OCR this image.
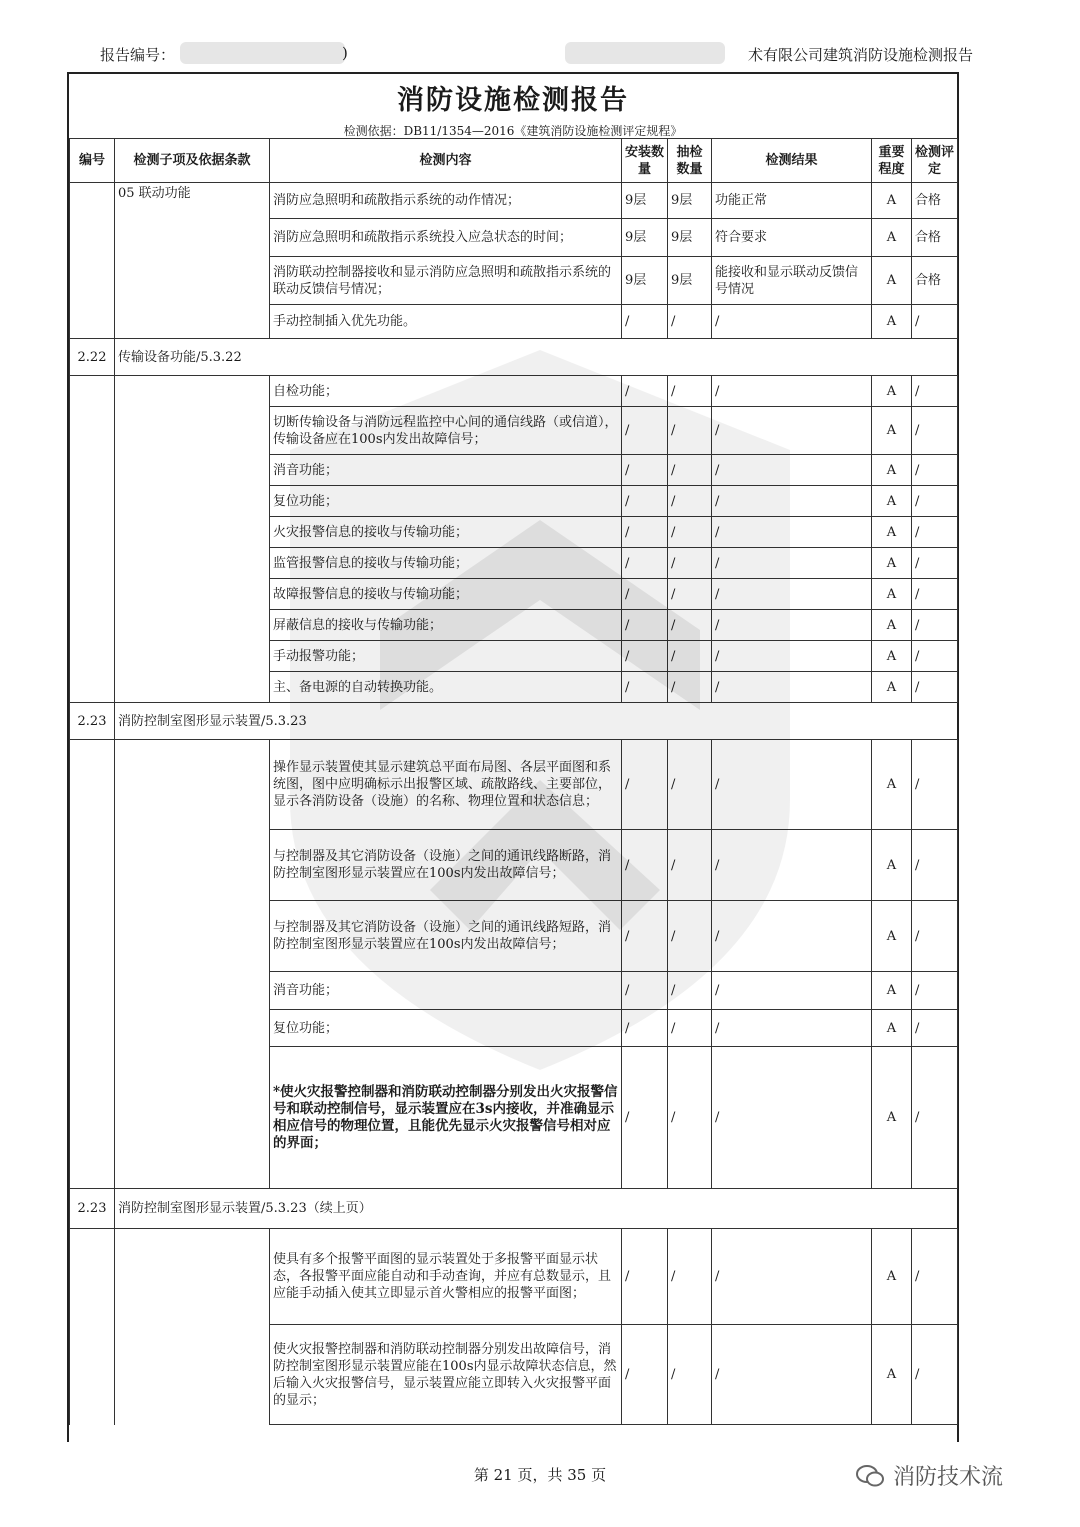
报告编号：	)	术有限公司建筑消防设施检测报告
消防设施检测报告
检测依据：DB11/1354—2016《建筑消防设施检测评定规程》
编号	检测子项及依据条款	检测内容	安装数量	抽检数量	检测结果	重要程度	检测评定
	05 联动功能	消防应急照明和疏散指示系统的动作情况；	9层	9层	功能正常	A	合格
		消防应急照明和疏散指示系统投入应急状态的时间；	9层	9层	符合要求	A	合格
		消防联动控制器接收和显示消防应急照明和疏散指示系统的联动反馈信号情况；	9层	9层	能接收和显示联动反馈信号情况	A	合格
		手动控制插入优先功能。	/	/	/	A	/
2.22	传输设备功能/5.3.22						
		自检功能；	/	/	/	A	/
		切断传输设备与消防远程监控中心间的通信线路（或信道），传输设备应在100s内发出故障信号；	/	/	/	A	/
		消音功能；	/	/	/	A	/
		复位功能；	/	/	/	A	/
		火灾报警信息的接收与传输功能；	/	/	/	A	/
		监管报警信息的接收与传输功能；	/	/	/	A	/
		故障报警信息的接收与传输功能；	/	/	/	A	/
		屏蔽信息的接收与传输功能；	/	/	/	A	/
		手动报警功能；	/	/	/	A	/
		主、备电源的自动转换功能。	/	/	/	A	/
2.23	消防控制室图形显示装置/5.3.23						
		操作显示装置使其显示建筑总平面布局图、各层平面图和系统图，图中应明确标示出报警区域、疏散路线、主要部位，显示各消防设备（设施）的名称、物理位置和状态信息；	/	/	/	A	/
		与控制器及其它消防设备（设施）之间的通讯线路断路，消防控制室图形显示装置应在100s内发出故障信号；	/	/	/	A	/
		与控制器及其它消防设备（设施）之间的通讯线路短路，消防控制室图形显示装置应在100s内发出故障信号；	/	/	/	A	/
		消音功能；	/	/	/	A	/
		复位功能；	/	/	/	A	/
		*使火灾报警控制器和消防联动控制器分别发出火灾报警信号和联动控制信号，显示装置应在3s内接收，并准确显示相应信号的物理位置，且能优先显示火灾报警信号相对应的界面；	/	/	/	A	/
2.23	消防控制室图形显示装置/5.3.23（续上页）						
		使具有多个报警平面图的显示装置处于多报警平面显示状态，各报警平面应能自动和手动查询，并应有总数显示，且应能手动插入使其立即显示首火警相应的报警平面图；	/	/	/	A	/
		使火灾报警控制器和消防联动控制器分别发出故障信号，消防控制室图形显示装置应能在100s内显示故障状态信息，然后输入火灾报警信号，显示装置应能立即转入火灾报警平面的显示；	/	/	/	A	/
第 21 页，共 35 页	消防技术流
